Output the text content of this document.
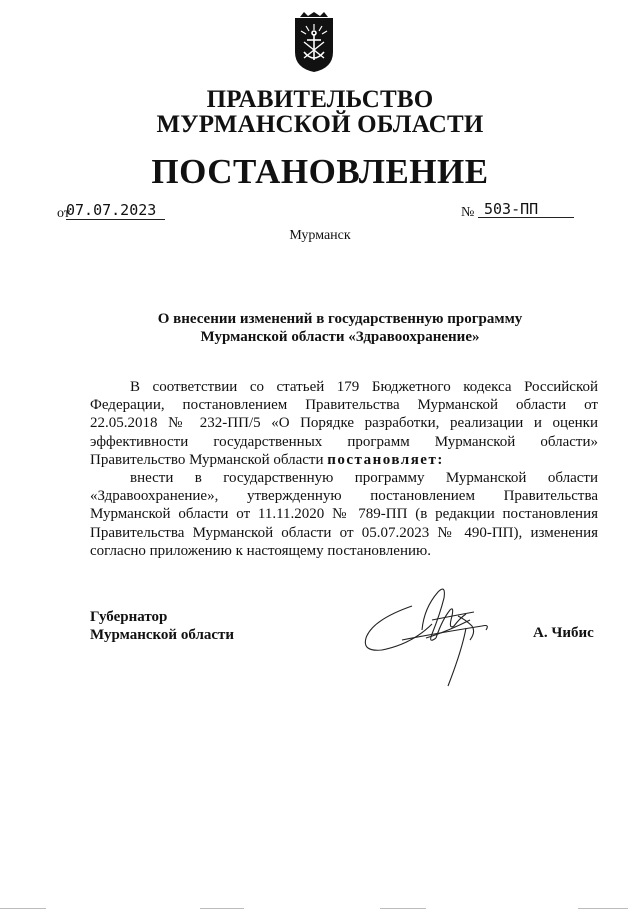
ПРАВИТЕЛЬСТВО
МУРМАНСКОЙ ОБЛАСТИ
ПОСТАНОВЛЕНИЕ
от
07.07.2023	№ 503-ПП
Мурманск
О внесении изменений в государственную программу
Мурманской области «Здравоохранение»

В соответствии со статьей 179 Бюджетного кодекса Российской Федерации, постановлением Правительства Мурманской области от 22.05.2018 № 232-ПП/5 «О Порядке разработки, реализации и оценки эффективности государственных программ Мурманской области» Правительство Мурманской области постановляет:

внести в государственную программу Мурманской области «Здравоохранение», утвержденную постановлением Правительства Мурманской области от 11.11.2020 № 789-ПП (в редакции постановления Правительства Мурманской области от 05.07.2023 № 490-ПП), изменения согласно приложению к настоящему постановлению.

Губернатор
Мурманской области	А. Чибис
